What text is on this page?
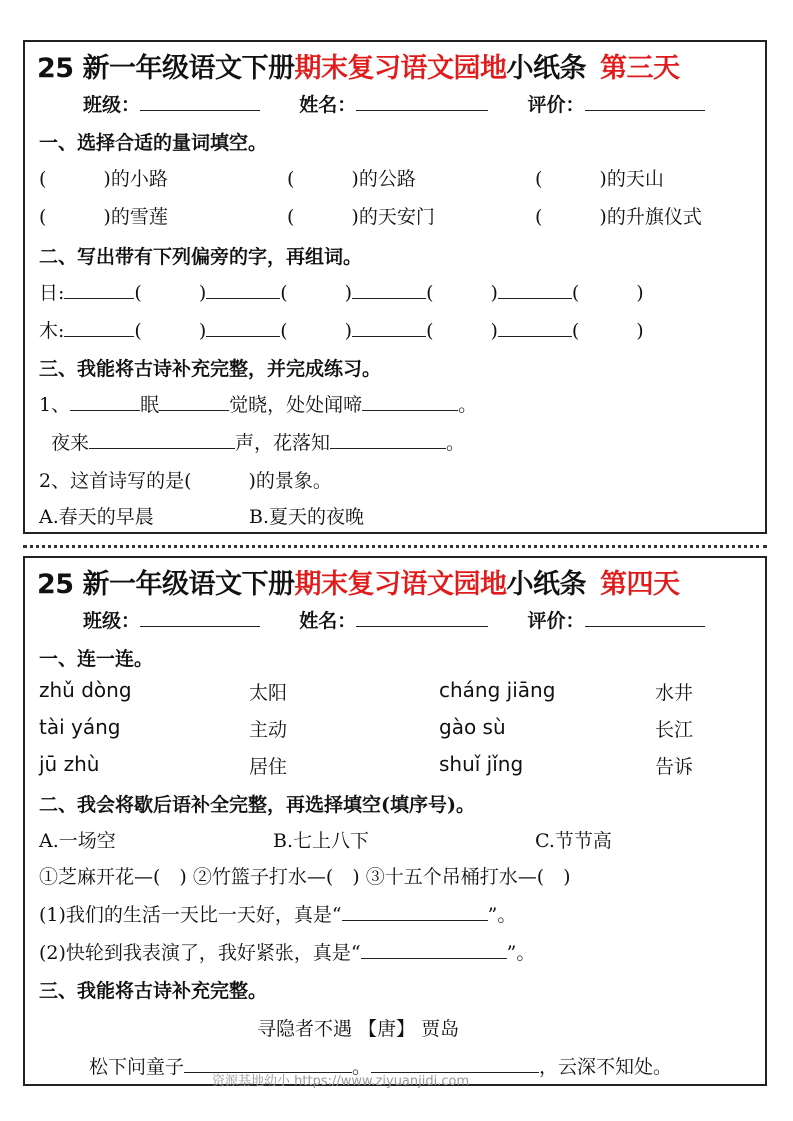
25 新一年级语文下册期末复习语文园地小纸条 第三天
班级：	姓名：	评价：
一、选择合适的量词填空。
(　　　)的小路	(　　　)的公路	(　　　)的天山
(　　　)的雪莲	(　　　)的天安门	(　　　)的升旗仪式
二、写出带有下列偏旁的字，再组词。
日:	(　　　)	(　　　)	(　　　)	(　　　)
木:	(　　　)	(　　　)	(　　　)	(　　　)
三、我能将古诗补充完整，并完成练习。
1、	眠	觉晓，处处闻啼	。
夜来	声，花落知	。
2、这首诗写的是(　　　)的景象。
A.春天的早晨	B.夏天的夜晚
25 新一年级语文下册期末复习语文园地小纸条 第四天
班级：	姓名：	评价：
一、连一连。
zhǔ dòng	太阳	cháng jiāng	水井
tài yáng	主动	gào sù	长江
jū zhù	居住	shuǐ jǐng	告诉
二、我会将歇后语补全完整，再选择填空(填序号)。
A.一场空	B.七上八下	C.节节高
①芝麻开花—(　) ②竹篮子打水—(　) ③十五个吊桶打水—(　)
(1)我们的生活一天比一天好，真是“	”。
(2)快轮到我表演了，我好紧张，真是“	”。
三、我能将古诗补充完整。
寻隐者不遇 【唐】 贾岛
松下问童子	。	，云深不知处。
资源基地幼小 https://www.ziyuanjidi.com
